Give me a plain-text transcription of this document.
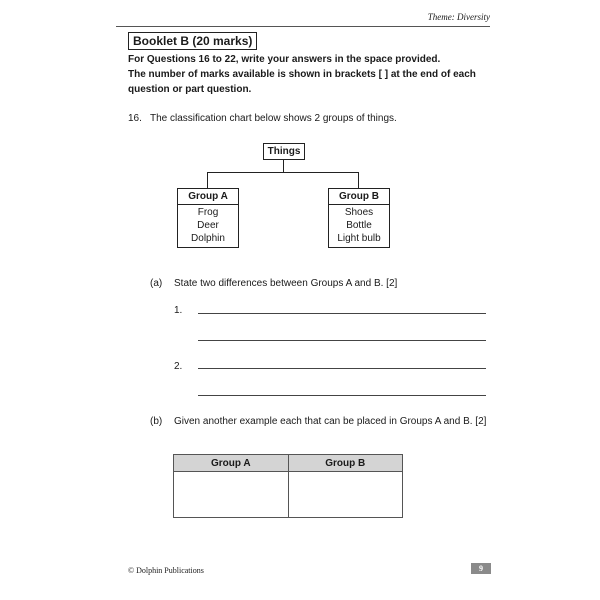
Theme: Diversity
Booklet B (20 marks)
For Questions 16 to 22, write your answers in the space provided.
The number of marks available is shown in brackets [ ] at the end of each question or part question.
16. The classification chart below shows 2 groups of things.
Things
Group A
Frog
Deer
Dolphin
Group B
Shoes
Bottle
Light bulb
(a) State two differences between Groups A and B. [2]
1.
2.
(b) Given another example each that can be placed in Groups A and B. [2]
Group A	Group B

© Dolphin Publications	9
